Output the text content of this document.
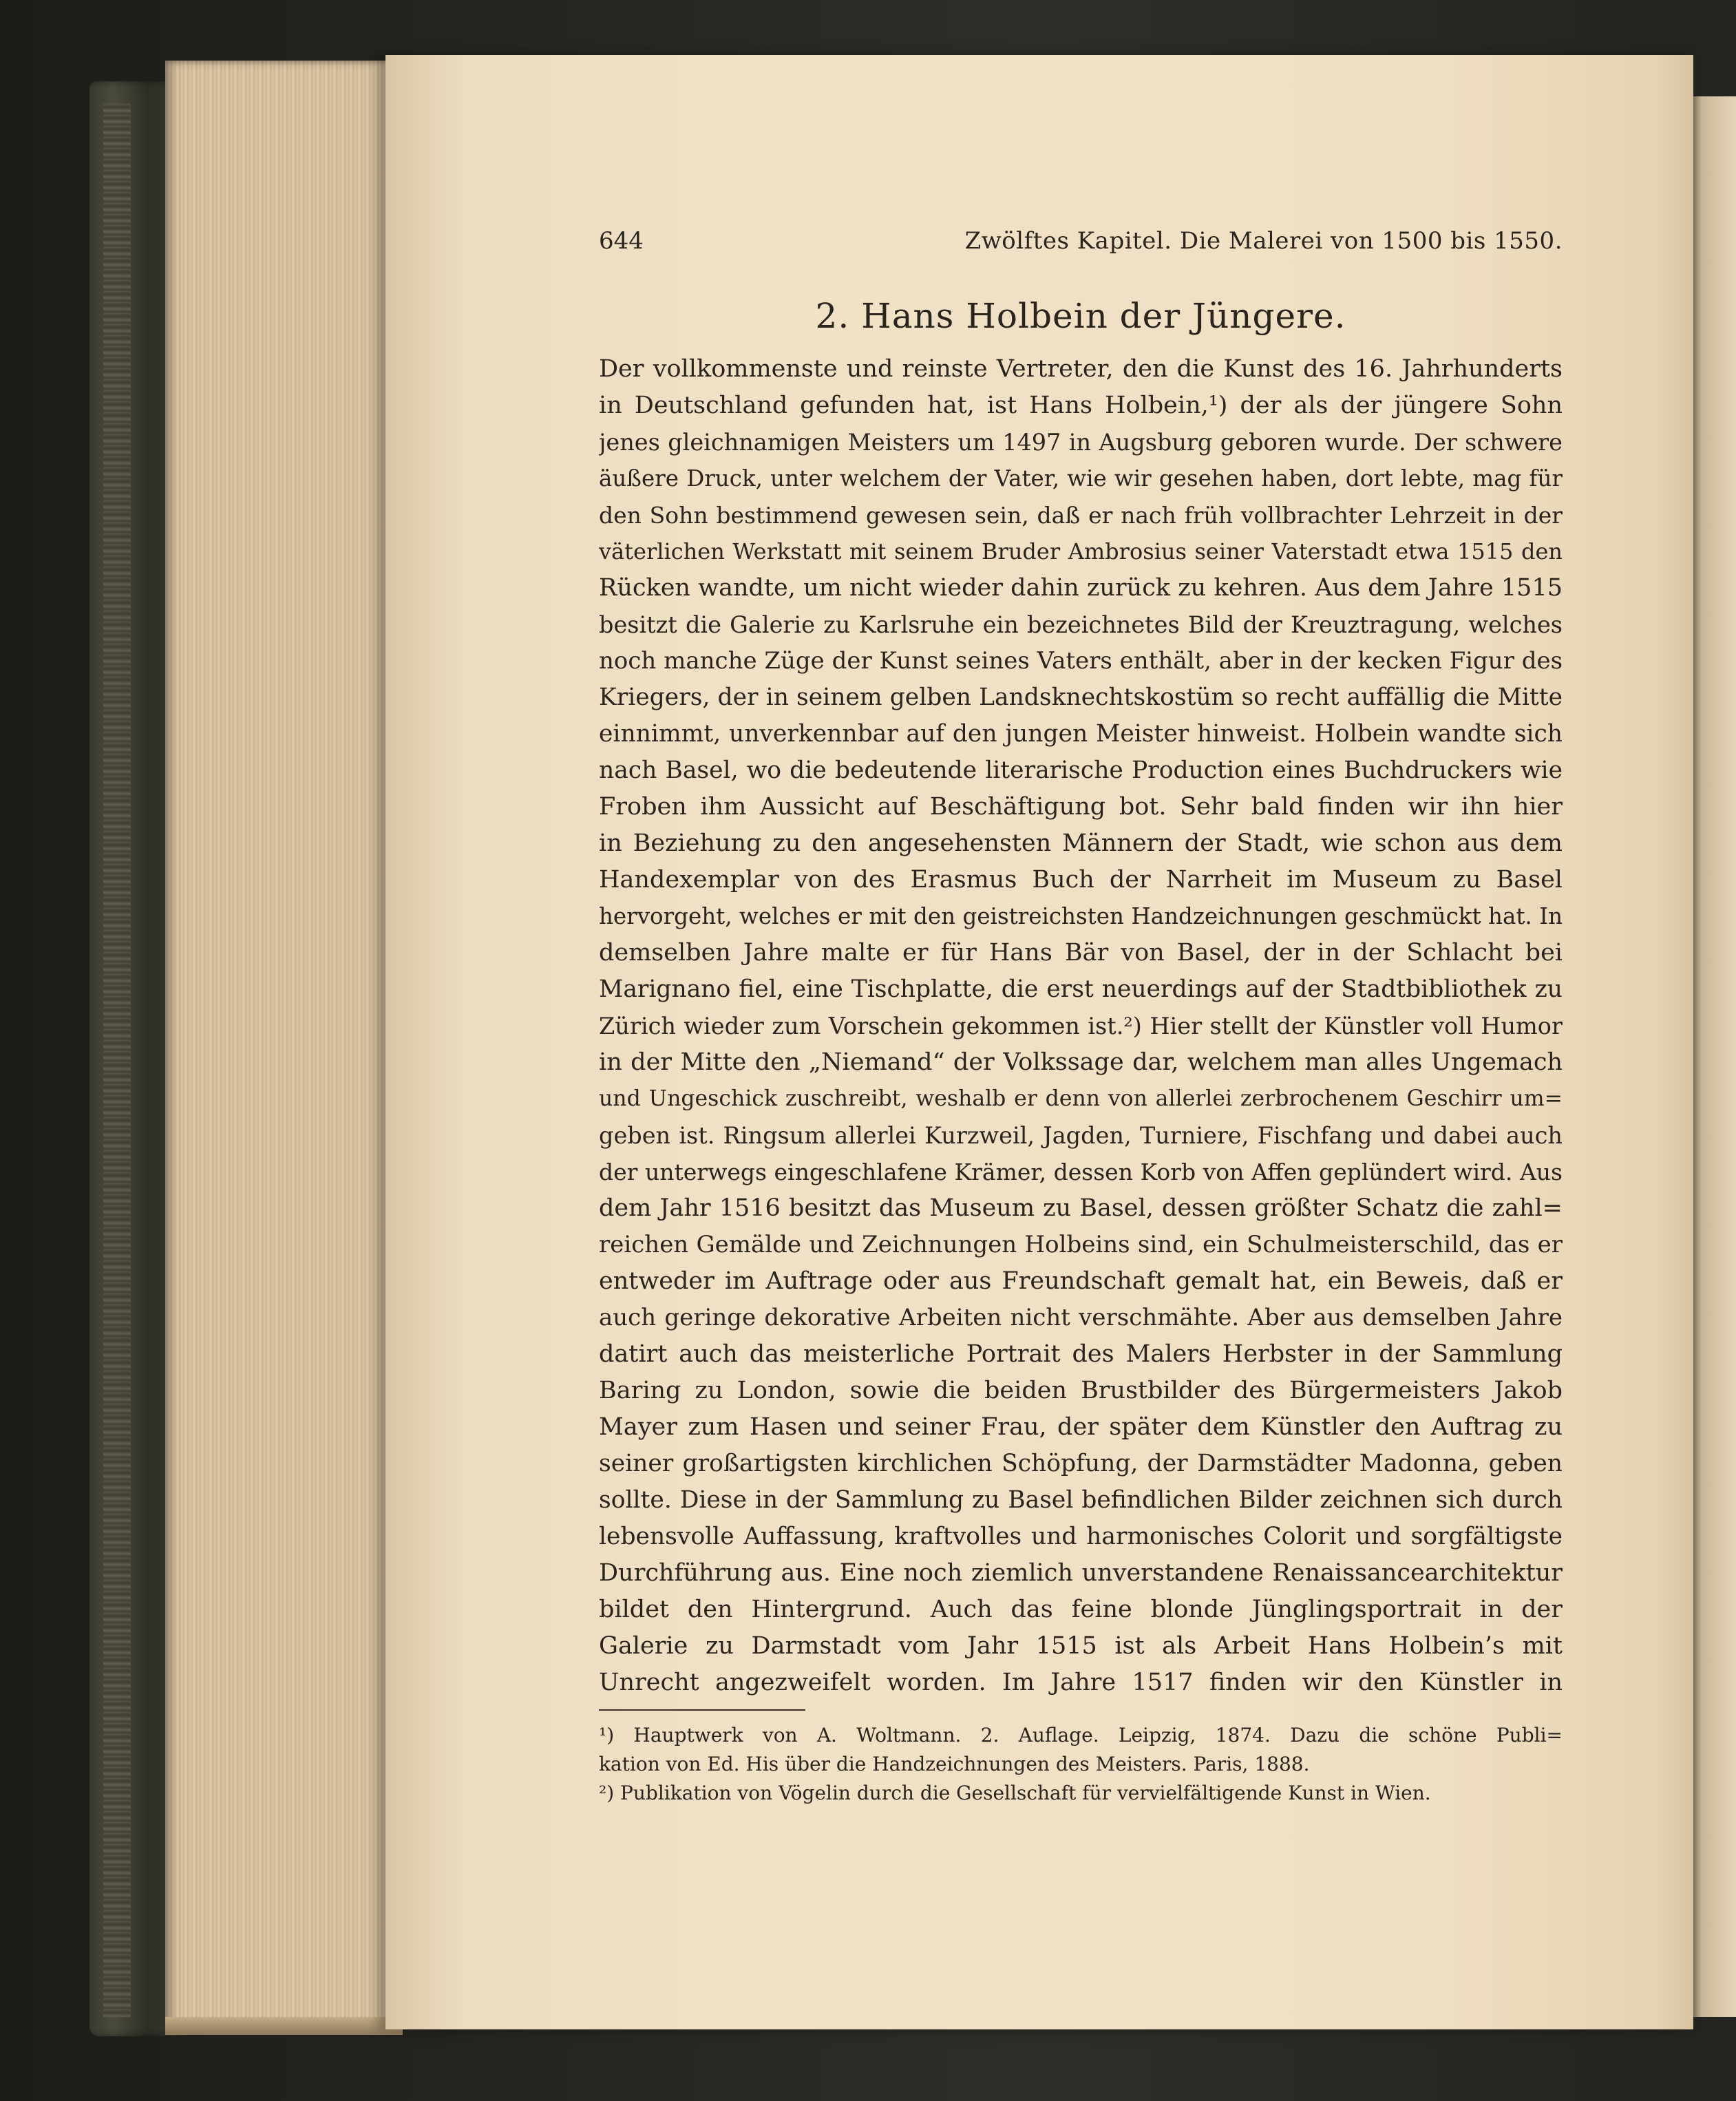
644	Zwölftes Kapitel. Die Malerei von 1500 bis 1550.
2. Hans Holbein der Jüngere.
Der vollkommenste und reinste Vertreter, den die Kunst des 16. Jahrhunderts
in Deutschland gefunden hat, ist Hans Holbein,¹) der als der jüngere Sohn
jenes gleichnamigen Meisters um 1497 in Augsburg geboren wurde. Der schwere
äußere Druck, unter welchem der Vater, wie wir gesehen haben, dort lebte, mag für
den Sohn bestimmend gewesen sein, daß er nach früh vollbrachter Lehrzeit in der
väterlichen Werkstatt mit seinem Bruder Ambrosius seiner Vaterstadt etwa 1515 den
Rücken wandte, um nicht wieder dahin zurück zu kehren. Aus dem Jahre 1515
besitzt die Galerie zu Karlsruhe ein bezeichnetes Bild der Kreuztragung, welches
noch manche Züge der Kunst seines Vaters enthält, aber in der kecken Figur des
Kriegers, der in seinem gelben Landsknechtskostüm so recht auffällig die Mitte
einnimmt, unverkennbar auf den jungen Meister hinweist. Holbein wandte sich
nach Basel, wo die bedeutende literarische Production eines Buchdruckers wie
Froben ihm Aussicht auf Beschäftigung bot. Sehr bald finden wir ihn hier
in Beziehung zu den angesehensten Männern der Stadt, wie schon aus dem
Handexemplar von des Erasmus Buch der Narrheit im Museum zu Basel
hervorgeht, welches er mit den geistreichsten Handzeichnungen geschmückt hat. In
demselben Jahre malte er für Hans Bär von Basel, der in der Schlacht bei
Marignano fiel, eine Tischplatte, die erst neuerdings auf der Stadtbibliothek zu
Zürich wieder zum Vorschein gekommen ist.²) Hier stellt der Künstler voll Humor
in der Mitte den „Niemand“ der Volkssage dar, welchem man alles Ungemach
und Ungeschick zuschreibt, weshalb er denn von allerlei zerbrochenem Geschirr um=
geben ist. Ringsum allerlei Kurzweil, Jagden, Turniere, Fischfang und dabei auch
der unterwegs eingeschlafene Krämer, dessen Korb von Affen geplündert wird. Aus
dem Jahr 1516 besitzt das Museum zu Basel, dessen größter Schatz die zahl=
reichen Gemälde und Zeichnungen Holbeins sind, ein Schulmeisterschild, das er
entweder im Auftrage oder aus Freundschaft gemalt hat, ein Beweis, daß er
auch geringe dekorative Arbeiten nicht verschmähte. Aber aus demselben Jahre
datirt auch das meisterliche Portrait des Malers Herbster in der Sammlung
Baring zu London, sowie die beiden Brustbilder des Bürgermeisters Jakob
Mayer zum Hasen und seiner Frau, der später dem Künstler den Auftrag zu
seiner großartigsten kirchlichen Schöpfung, der Darmstädter Madonna, geben
sollte. Diese in der Sammlung zu Basel befindlichen Bilder zeichnen sich durch
lebensvolle Auffassung, kraftvolles und harmonisches Colorit und sorgfältigste
Durchführung aus. Eine noch ziemlich unverstandene Renaissancearchitektur
bildet den Hintergrund. Auch das feine blonde Jünglingsportrait in der
Galerie zu Darmstadt vom Jahr 1515 ist als Arbeit Hans Holbein’s mit
Unrecht angezweifelt worden. Im Jahre 1517 finden wir den Künstler in
¹) Hauptwerk von A. Woltmann. 2. Auflage. Leipzig, 1874. Dazu die schöne Publi=
kation von Ed. His über die Handzeichnungen des Meisters. Paris, 1888.
²) Publikation von Vögelin durch die Gesellschaft für vervielfältigende Kunst in Wien.
